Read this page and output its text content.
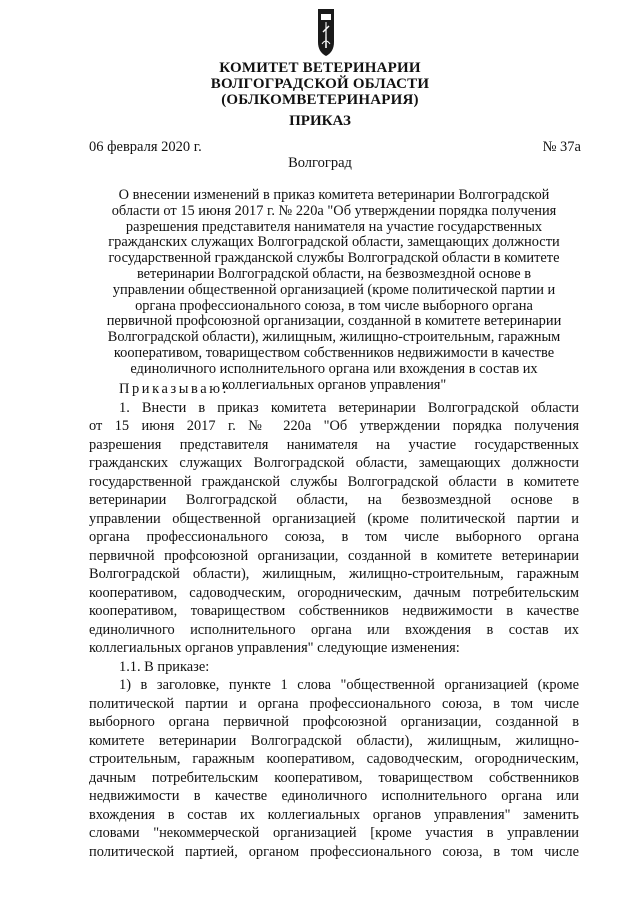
КОМИТЕТ ВЕТЕРИНАРИИ
ВОЛГОГРАДСКОЙ ОБЛАСТИ
(ОБЛКОМВЕТЕРИНАРИЯ)
ПРИКАЗ
06 февраля 2020 г.	№ 37а
Волгоград
О внесении изменений в приказ комитета ветеринарии Волгоградской
области от 15 июня 2017 г. № 220а "Об утверждении порядка получения
разрешения представителя нанимателя на участие государственных
гражданских служащих Волгоградской области, замещающих должности
государственной гражданской службы Волгоградской области в комитете
ветеринарии Волгоградской области, на безвозмездной основе в
управлении общественной организацией (кроме политической партии и
органа профессионального союза, в том числе выборного органа
первичной профсоюзной организации, созданной в комитете ветеринарии
Волгоградской области), жилищным, жилищно-строительным, гаражным
кооперативом, товариществом собственников недвижимости в качестве
единоличного исполнительного органа или вхождения в состав их
коллегиальных органов управления"
Приказываю:
1. Внести в приказ комитета ветеринарии Волгоградской области
от 15 июня 2017 г. № 220а "Об утверждении порядка получения
разрешения представителя нанимателя на участие государственных
гражданских служащих Волгоградской области, замещающих должности
государственной гражданской службы Волгоградской области в комитете
ветеринарии Волгоградской области, на безвозмездной основе в
управлении общественной организацией (кроме политической партии и
органа профессионального союза, в том числе выборного органа
первичной профсоюзной организации, созданной в комитете ветеринарии
Волгоградской области), жилищным, жилищно-строительным, гаражным
кооперативом, садоводческим, огородническим, дачным потребительским
кооперативом, товариществом собственников недвижимости в качестве
единоличного исполнительного органа или вхождения в состав их
коллегиальных органов управления" следующие изменения:
1.1. В приказе:
1) в заголовке, пункте 1 слова "общественной организацией (кроме
политической партии и органа профессионального союза, в том числе
выборного органа первичной профсоюзной организации, созданной в
комитете ветеринарии Волгоградской области), жилищным, жилищно-
строительным, гаражным кооперативом, садоводческим, огородническим,
дачным потребительским кооперативом, товариществом собственников
недвижимости в качестве единоличного исполнительного органа или
вхождения в состав их коллегиальных органов управления" заменить
словами "некоммерческой организацией [кроме участия в управлении
политической партией, органом профессионального союза, в том числе
